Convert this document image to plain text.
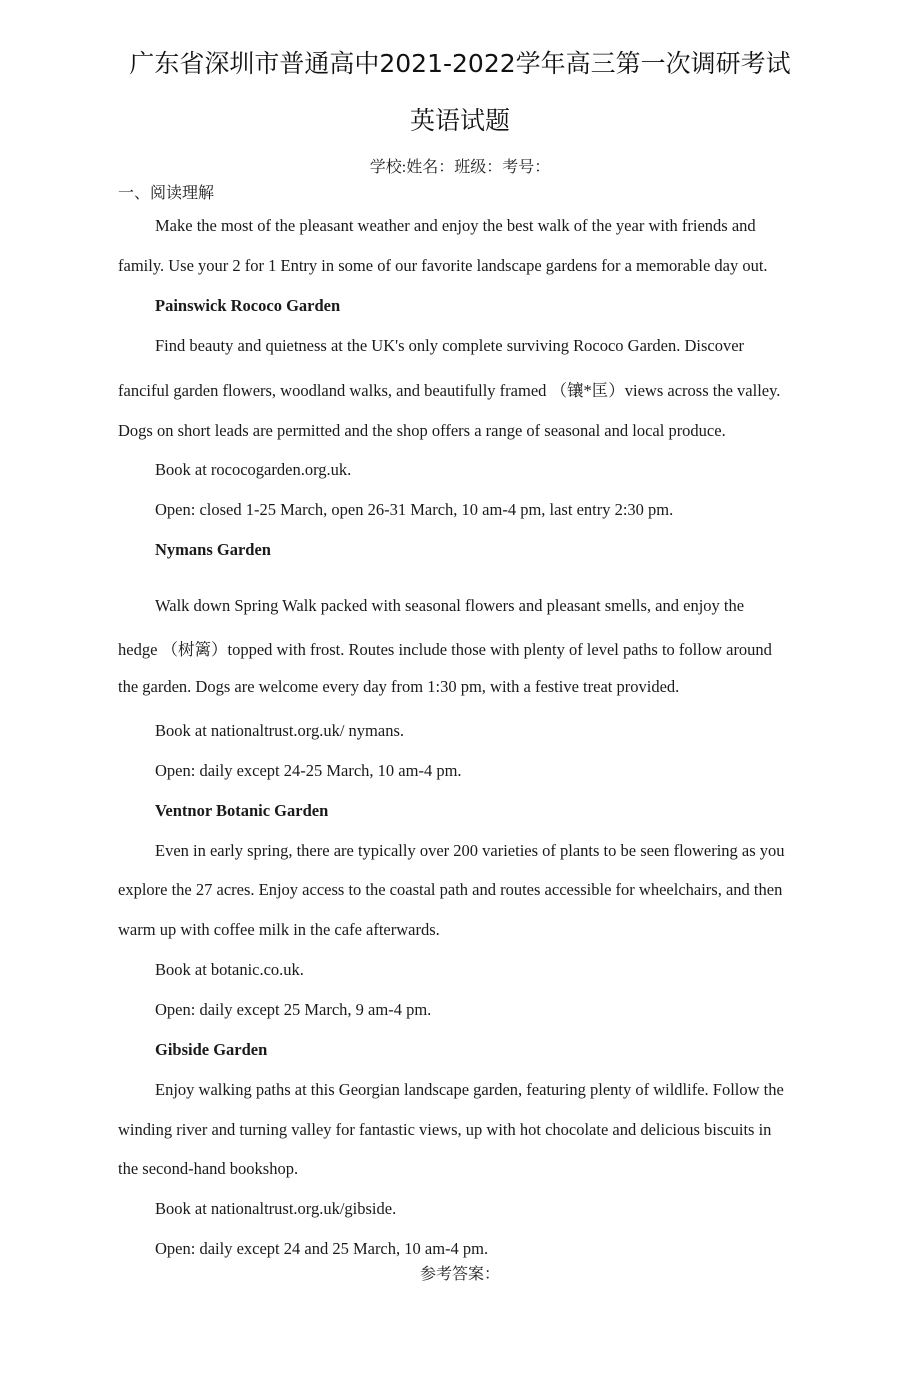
广东省深圳市普通高中2021-2022学年高三第一次调研考试
英语试题
学校:姓名：班级：考号：
一、阅读理解
Make the most of the pleasant weather and enjoy the best walk of the year with friends and
family. Use your 2 for 1 Entry in some of our favorite landscape gardens for a memorable day out.
Painswick Rococo Garden
Find beauty and quietness at the UK's only complete surviving Rococo Garden. Discover
fanciful garden flowers, woodland walks, and beautifully framed （镶*匡）views across the valley.
Dogs on short leads are permitted and the shop offers a range of seasonal and local produce.
Book at rococogarden.org.uk.
Open: closed 1-25 March, open 26-31 March, 10 am-4 pm, last entry 2:30 pm.
Nymans Garden
Walk down Spring Walk packed with seasonal flowers and pleasant smells, and enjoy the
hedge （树篱）topped with frost. Routes include those with plenty of level paths to follow around
the garden. Dogs are welcome every day from 1:30 pm, with a festive treat provided.
Book at nationaltrust.org.uk/ nymans.
Open: daily except 24-25 March, 10 am-4 pm.
Ventnor Botanic Garden
Even in early spring, there are typically over 200 varieties of plants to be seen flowering as you
explore the 27 acres. Enjoy access to the coastal path and routes accessible for wheelchairs, and then
warm up with coffee milk in the cafe afterwards.
Book at botanic.co.uk.
Open: daily except 25 March, 9 am-4 pm.
Gibside Garden
Enjoy walking paths at this Georgian landscape garden, featuring plenty of wildlife. Follow the
winding river and turning valley for fantastic views, up with hot chocolate and delicious biscuits in
the second-hand bookshop.
Book at nationaltrust.org.uk/gibside.
Open: daily except 24 and 25 March, 10 am-4 pm.
参考答案：
